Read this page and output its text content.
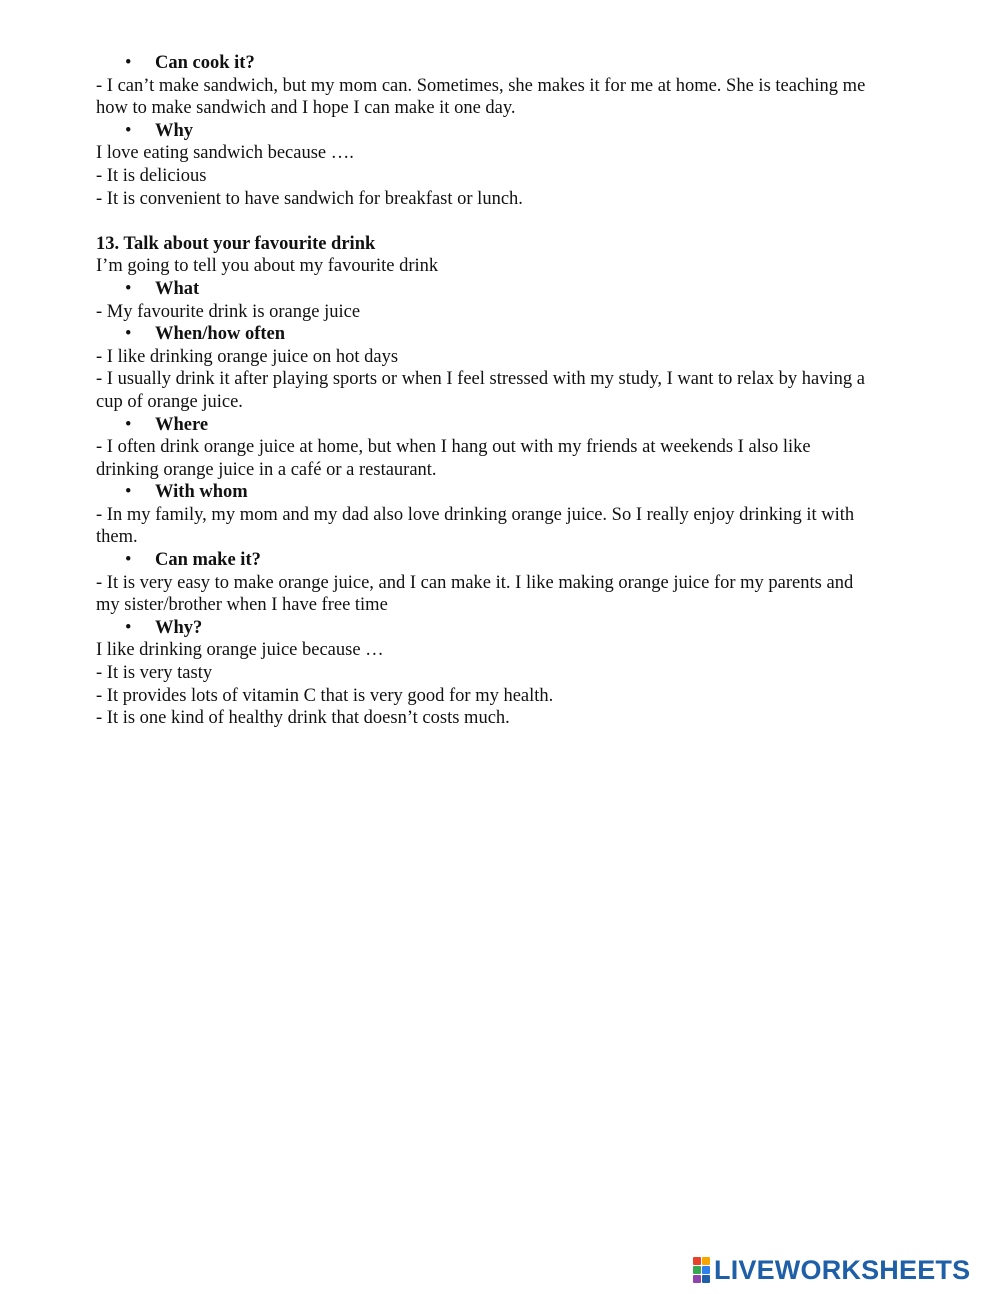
• Can cook it?
- I can’t make sandwich, but my mom can. Sometimes, she makes it for me at home. She is teaching me
how to make sandwich and I hope I can make it one day.
• Why
I love eating sandwich because ….
- It is delicious
- It is convenient to have sandwich for breakfast or lunch.
13. Talk about your favourite drink
I’m going to tell you about my favourite drink
• What
- My favourite drink is orange juice
• When/how often
- I like drinking orange juice on hot days
- I usually drink it after playing sports or when I feel stressed with my study, I want to relax by having a
cup of orange juice.
• Where
- I often drink orange juice at home, but when I hang out with my friends at weekends I also like
drinking orange juice in a café or a restaurant.
• With whom
- In my family, my mom and my dad also love drinking orange juice. So I really enjoy drinking it with
them.
• Can make it?
- It is very easy to make orange juice, and I can make it. I like making orange juice for my parents and
my sister/brother when I have free time
• Why?
I like drinking orange juice because …
- It is very tasty
- It provides lots of vitamin C that is very good for my health.
- It is one kind of healthy drink that doesn’t costs much.
LIVEWORKSHEETS
